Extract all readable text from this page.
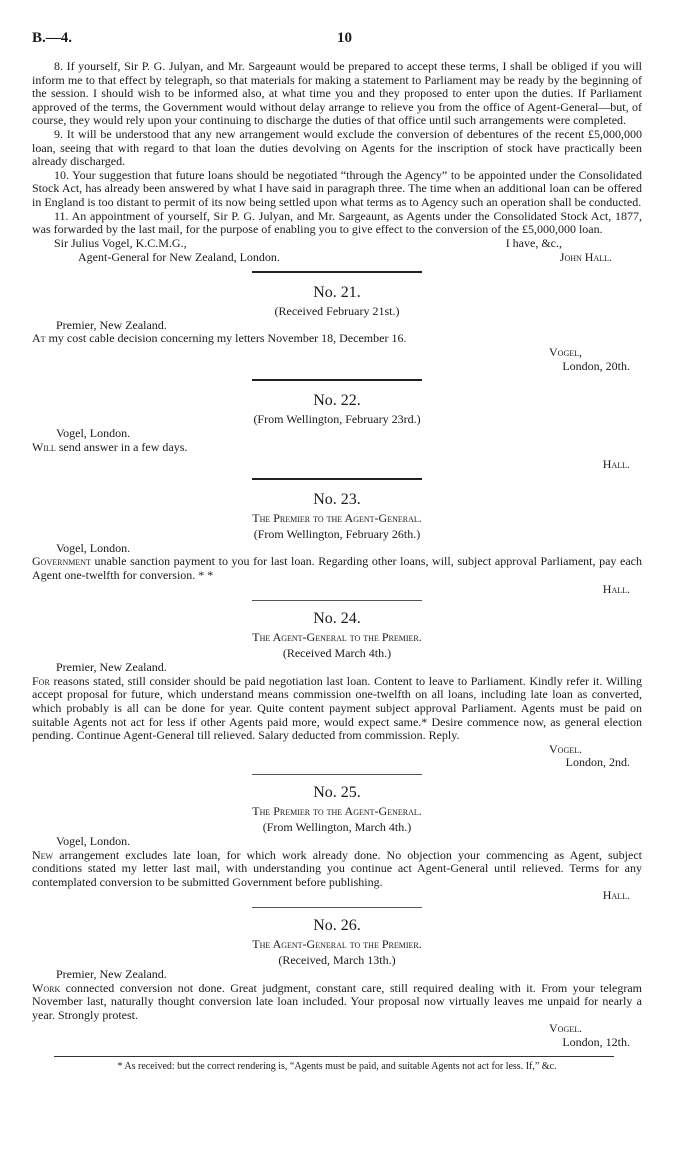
B.—4.	10

8. If yourself, Sir P. G. Julyan, and Mr. Sargeaunt would be prepared to accept these terms, I shall be obliged if you will inform me to that effect by telegraph, so that materials for making a statement to Parliament may be ready by the beginning of the session. I should wish to be informed also, at what time you and they proposed to enter upon the duties. If Parliament approved of the terms, the Government would without delay arrange to relieve you from the office of Agent-General—but, of course, they would rely upon your continuing to discharge the duties of that office until such arrangements were completed.

9. It will be understood that any new arrangement would exclude the conversion of debentures of the recent £5,000,000 loan, seeing that with regard to that loan the duties devolving on Agents for the inscription of stock have practically been already discharged.

10. Your suggestion that future loans should be negotiated “through the Agency” to be appointed under the Consolidated Stock Act, has already been answered by what I have said in paragraph three. The time when an additional loan can be offered in England is too distant to permit of its now being settled upon what terms as to Agency such an operation shall be conducted.

11. An appointment of yourself, Sir P. G. Julyan, and Mr. Sargeaunt, as Agents under the Consolidated Stock Act, 1877, was forwarded by the last mail, for the purpose of enabling you to give effect to the conversion of the £5,000,000 loan.

Sir Julius Vogel, K.C.M.G.,	I have, &c.,
Agent-General for New Zealand, London.	John Hall.
No. 21.
(Received February 21st.)
Premier, New Zealand.

At my cost cable decision concerning my letters November 18, December 16.

Vogel,
London, 20th.
No. 22.
(From Wellington, February 23rd.)
Vogel, London.

Will send answer in a few days.

Hall.
No. 23.
The Premier to the Agent-General.
(From Wellington, February 26th.)
Vogel, London.

Government unable sanction payment to you for last loan. Regarding other loans, will, subject approval Parliament, pay each Agent one-twelfth for conversion. * *

Hall.
No. 24.
The Agent-General to the Premier.
(Received March 4th.)
Premier, New Zealand.

For reasons stated, still consider should be paid negotiation last loan. Content to leave to Parliament. Kindly refer it. Willing accept proposal for future, which understand means commission one-twelfth on all loans, including late loan as converted, which probably is all can be done for year. Quite content payment subject approval Parliament. Agents must be paid on suitable Agents not act for less if other Agents paid more, would expect same.* Desire commence now, as general election pending. Continue Agent-General till relieved. Salary deducted from commission. Reply.

Vogel.
London, 2nd.
No. 25.
The Premier to the Agent-General.
(From Wellington, March 4th.)
Vogel, London.

New arrangement excludes late loan, for which work already done. No objection your commencing as Agent, subject conditions stated my letter last mail, with understanding you continue act Agent-General until relieved. Terms for any contemplated conversion to be submitted Government before publishing.

Hall.
No. 26.
The Agent-General to the Premier.
(Received, March 13th.)
Premier, New Zealand.

Work connected conversion not done. Great judgment, constant care, still required dealing with it. From your telegram November last, naturally thought conversion late loan included. Your proposal now virtually leaves me unpaid for nearly a year. Strongly protest.

Vogel.
London, 12th.
* As received: but the correct rendering is, “Agents must be paid, and suitable Agents not act for less. If,” &c.
